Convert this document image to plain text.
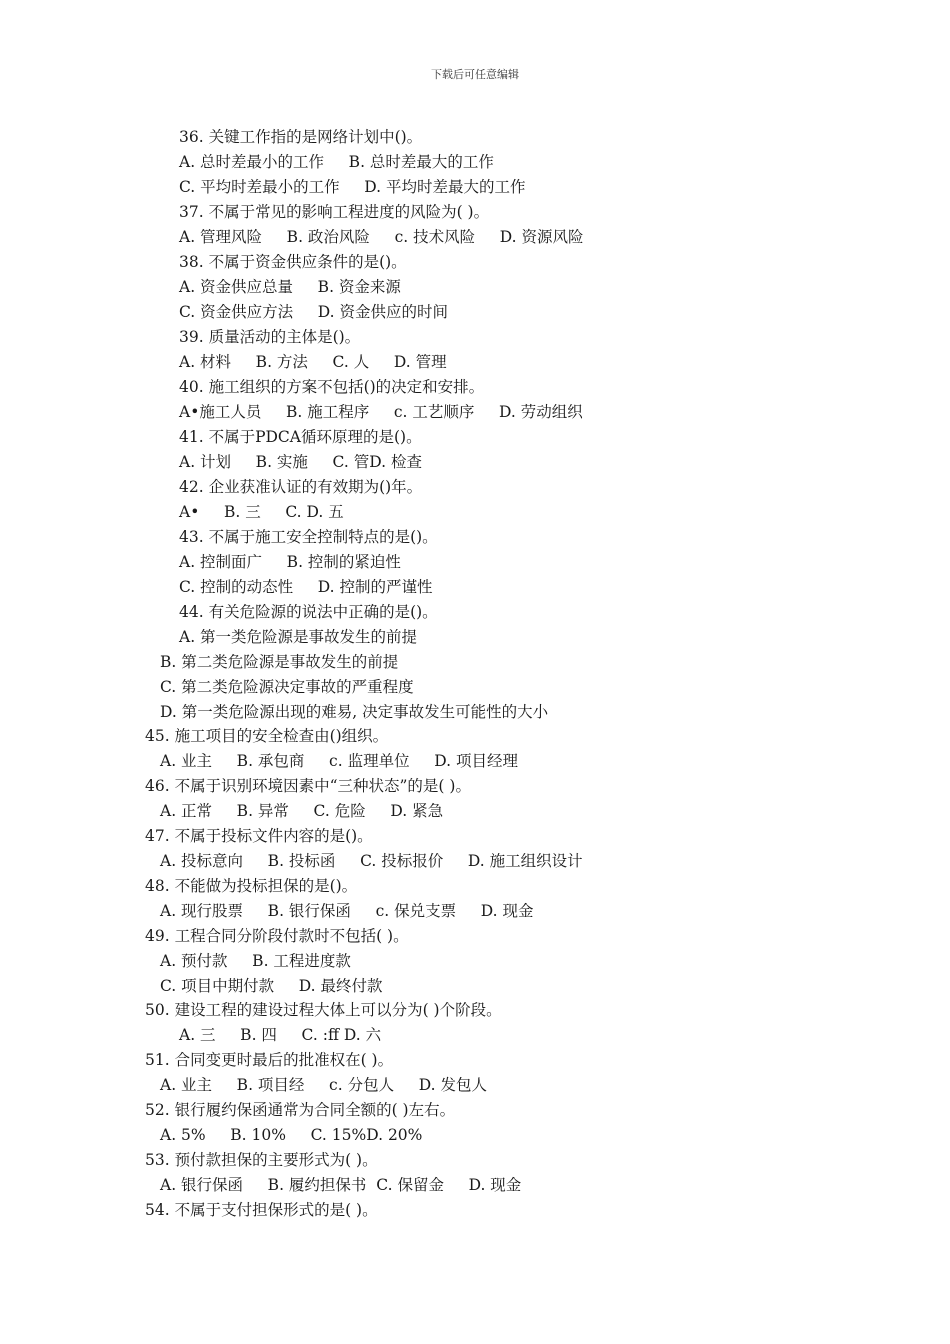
下载后可任意编辑
36. 关键工作指的是网络计划中()。
A. 总时差最小的工作     B. 总时差最大的工作
C. 平均时差最小的工作     D. 平均时差最大的工作
37. 不属于常见的影响工程进度的风险为( )。
A. 管理风险     B. 政治风险     c. 技术风险     D. 资源风险
38. 不属于资金供应条件的是()。
A. 资金供应总量     B. 资金来源
C. 资金供应方法     D. 资金供应的时间
39. 质量活动的主体是()。
A. 材料     B. 方法     C. 人     D. 管理
40. 施工组织的方案不包括()的决定和安排。
A•施工人员     B. 施工程序     c. 工艺顺序     D. 劳动组织
41. 不属于PDCA循环原理的是()。
A. 计划     B. 实施     C. 管D. 检查
42. 企业获准认证的有效期为()年。
A•     B. 三     C. D. 五
43. 不属于施工安全控制特点的是()。
A. 控制面广     B. 控制的紧迫性
C. 控制的动态性     D. 控制的严谨性
44. 有关危险源的说法中正确的是()。
A. 第一类危险源是事故发生的前提
B. 第二类危险源是事故发生的前提
C. 第二类危险源决定事故的严重程度
D. 第一类危险源出现的难易, 决定事故发生可能性的大小
45. 施工项目的安全检查由()组织。
A. 业主     B. 承包商     c. 监理单位     D. 项目经理
46. 不属于识别环境因素中“三种状态”的是( )。
A. 正常     B. 异常     C. 危险     D. 紧急
47. 不属于投标文件内容的是()。
A. 投标意向     B. 投标函     C. 投标报价     D. 施工组织设计
48. 不能做为投标担保的是()。
A. 现行股票     B. 银行保函     c. 保兑支票     D. 现金
49. 工程合同分阶段付款时不包括( )。
A. 预付款     B. 工程进度款
C. 项目中期付款     D. 最终付款
50. 建设工程的建设过程大体上可以分为( )个阶段。
A. 三     B. 四     C. :ff D. 六
51. 合同变更时最后的批准权在( )。
A. 业主     B. 项目经     c. 分包人     D. 发包人
52. 银行履约保函通常为合同全额的( )左右。
A. 5%     B. 10%     C. 15%D. 20%
53. 预付款担保的主要形式为( )。
A. 银行保函     B. 履约担保书  C. 保留金     D. 现金
54. 不属于支付担保形式的是( )。
